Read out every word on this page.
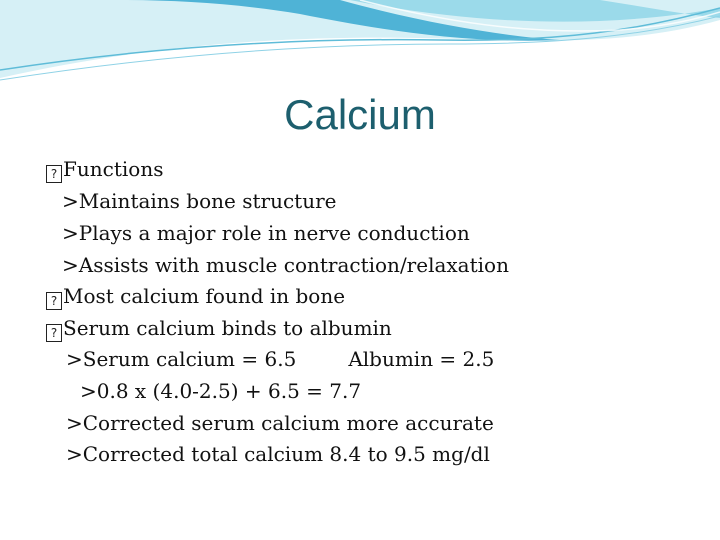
Calcium
?Functions
>Maintains bone structure
>Plays a major role in nerve conduction
>Assists with muscle contraction/relaxation
?Most calcium found in bone
?Serum calcium binds to albumin
>Serum calcium = 6.5	Albumin = 2.5
>0.8 x (4.0-2.5) + 6.5 = 7.7
>Corrected serum calcium more accurate
>Corrected total calcium 8.4 to 9.5 mg/dl
